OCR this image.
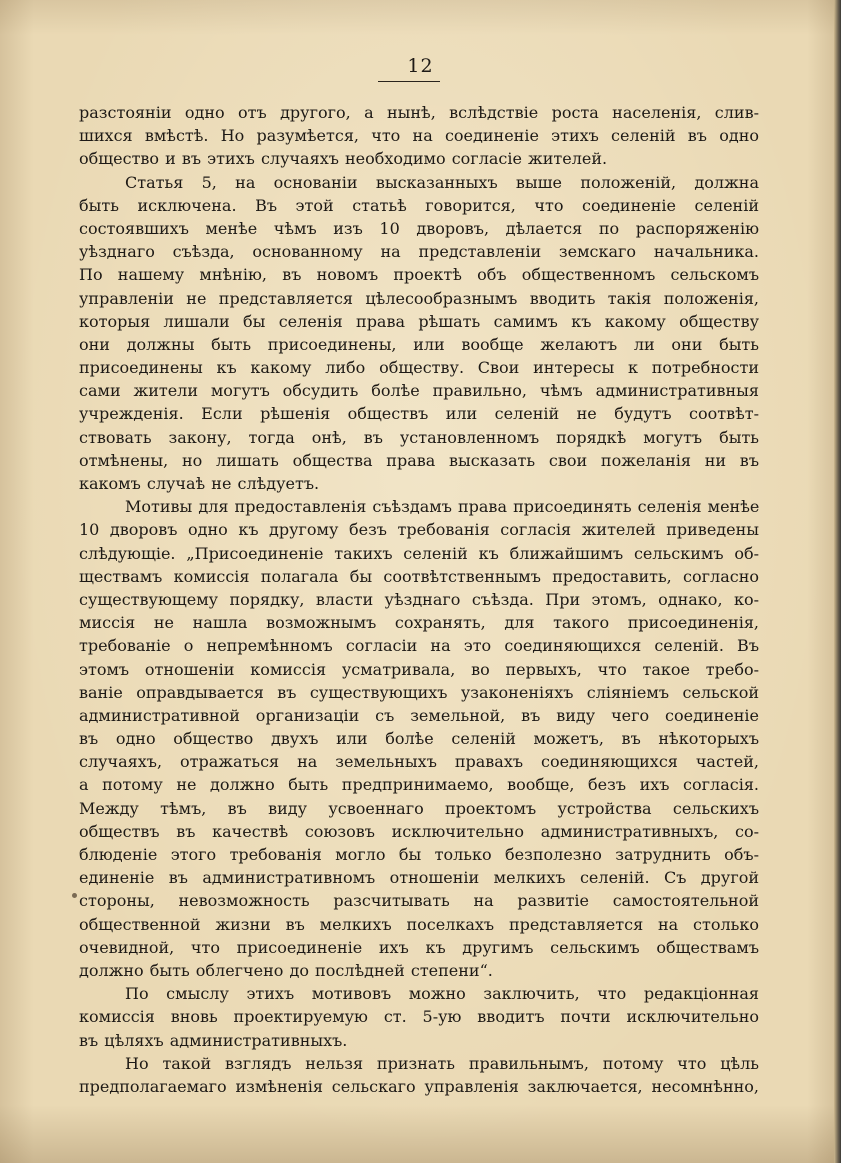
12
разстояніи одно отъ другого, а нынѣ, вслѣдствіе роста населенія, слив-
шихся вмѣстѣ. Но разумѣется, что на соединеніе этихъ селеній въ одно
общество и въ этихъ случаяхъ необходимо согласіе жителей.
Статья 5, на основаніи высказанныхъ выше положеній, должна
быть исключена. Въ этой статьѣ говорится, что соединеніе селеній
состоявшихъ менѣе чѣмъ изъ 10 дворовъ, дѣлается по распоряженію
уѣзднаго съѣзда, основанному на представленіи земскаго начальника.
По нашему мнѣнію, въ новомъ проектѣ объ общественномъ сельскомъ
управленіи не представляется цѣлесообразнымъ вводить такія положенія,
которыя лишали бы селенія права рѣшать самимъ къ какому обществу
они должны быть присоединены, или вообще желаютъ ли они быть
присоединены къ какому либо обществу. Свои интересы к потребности
сами жители могутъ обсудить болѣе правильно, чѣмъ административныя
учрежденія. Если рѣшенія обществъ или селеній не будутъ соотвѣт-
ствовать закону, тогда онѣ, въ установленномъ порядкѣ могутъ быть
отмѣнены, но лишать общества права высказать свои пожеланія ни въ
какомъ случаѣ не слѣдуетъ.
Мотивы для предоставленія съѣздамъ права присоединять селенія менѣе
10 дворовъ одно къ другому безъ требованія согласія жителей приведены
слѣдующіе. „Присоединеніе такихъ селеній къ ближайшимъ сельскимъ об-
ществамъ комиссія полагала бы соотвѣтственнымъ предоставить, согласно
существующему порядку, власти уѣзднаго съѣзда. При этомъ, однако, ко-
миссія не нашла возможнымъ сохранять, для такого присоединенія,
требованіе о непремѣнномъ согласіи на это соединяющихся селеній. Въ
этомъ отношеніи комиссія усматривала, во первыхъ, что такое требо-
ваніе оправдывается въ существующихъ узаконеніяхъ сліяніемъ сельской
административной организаціи съ земельной, въ виду чего соединеніе
въ одно общество двухъ или болѣе селеній можетъ, въ нѣкоторыхъ
случаяхъ, отражаться на земельныхъ правахъ соединяющихся частей,
а потому не должно быть предпринимаемо, вообще, безъ ихъ согласія.
Между тѣмъ, въ виду усвоеннаго проектомъ устройства сельскихъ
обществъ въ качествѣ союзовъ исключительно административныхъ, со-
блюденіе этого требованія могло бы только безполезно затруднить объ-
единеніе въ административномъ отношеніи мелкихъ селеній. Съ другой
стороны, невозможность разсчитывать на развитіе самостоятельной
общественной жизни въ мелкихъ поселкахъ представляется на столько
очевидной, что присоединеніе ихъ къ другимъ сельскимъ обществамъ
должно быть облегчено до послѣдней степени“.
По смыслу этихъ мотивовъ можно заключить, что редакціонная
комиссія вновь проектируемую ст. 5-ую вводитъ почти исключительно
въ цѣляхъ административныхъ.
Но такой взглядъ нельзя признать правильнымъ, потому что цѣль
предполагаемаго измѣненія сельскаго управленія заключается, несомнѣнно,
